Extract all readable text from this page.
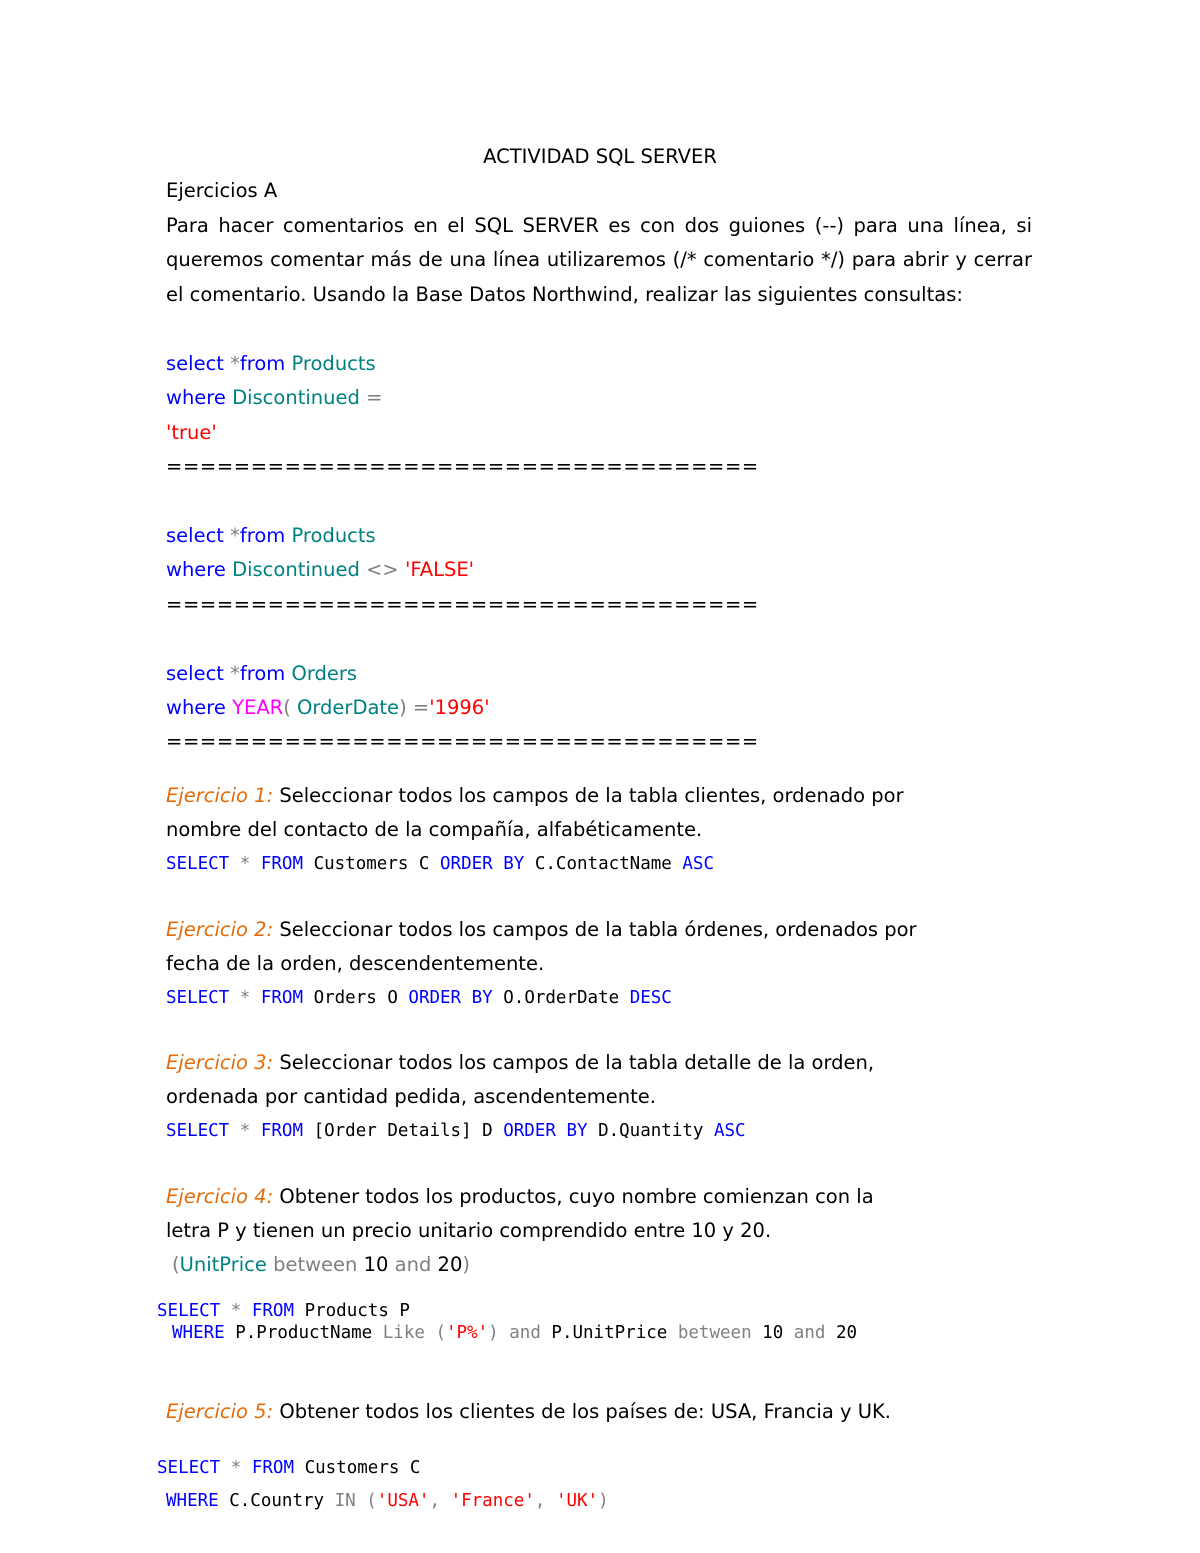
ACTIVIDAD SQL SERVER
Ejercicios A
Para hacer comentarios en el SQL SERVER es con dos guiones (--) para una línea, si
queremos comentar más de una línea utilizaremos (/* comentario */) para abrir y cerrar
el comentario. Usando la Base Datos Northwind, realizar las siguientes consultas:
select *from Products
where Discontinued =
'true'
===================================
select *from Products
where Discontinued <> 'FALSE'
===================================
select *from Orders
where YEAR( OrderDate) ='1996'
===================================
Ejercicio 1: Seleccionar todos los campos de la tabla clientes, ordenado por
nombre del contacto de la compañía, alfabéticamente.
SELECT * FROM Customers C ORDER BY C.ContactName ASC
Ejercicio 2: Seleccionar todos los campos de la tabla órdenes, ordenados por
fecha de la orden, descendentemente.
SELECT * FROM Orders O ORDER BY O.OrderDate DESC
Ejercicio 3: Seleccionar todos los campos de la tabla detalle de la orden,
ordenada por cantidad pedida, ascendentemente.
SELECT * FROM [Order Details] D ORDER BY D.Quantity ASC
Ejercicio 4: Obtener todos los productos, cuyo nombre comienzan con la
letra P y tienen un precio unitario comprendido entre 10 y 20.
(UnitPrice between 10 and 20)
SELECT * FROM Products P
WHERE P.ProductName Like ('P%') and P.UnitPrice between 10 and 20
Ejercicio 5: Obtener todos los clientes de los países de: USA, Francia y UK.
SELECT * FROM Customers C
WHERE C.Country IN ('USA', 'France', 'UK')
